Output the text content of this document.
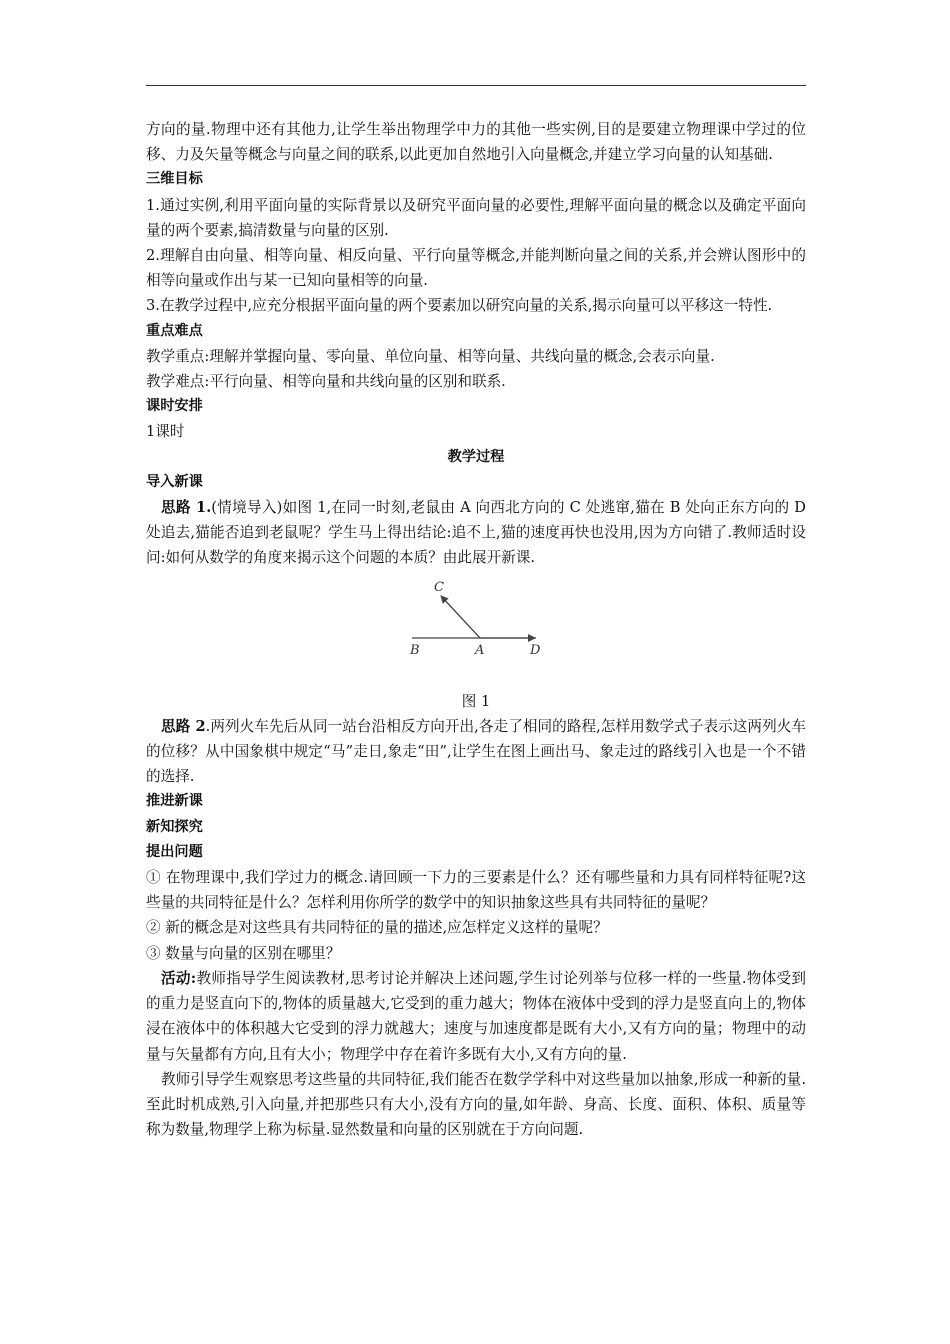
方向的量.物理中还有其他力,让学生举出物理学中力的其他一些实例,目的是要建立物理课中学过的位移、力及矢量等概念与向量之间的联系,以此更加自然地引入向量概念,并建立学习向量的认知基础.

三维目标

1.通过实例,利用平面向量的实际背景以及研究平面向量的必要性,理解平面向量的概念以及确定平面向量的两个要素,搞清数量与向量的区别.

2.理解自由向量、相等向量、相反向量、平行向量等概念,并能判断向量之间的关系,并会辨认图形中的相等向量或作出与某一已知向量相等的向量.

3.在教学过程中,应充分根据平面向量的两个要素加以研究向量的关系,揭示向量可以平移这一特性.

重点难点

教学重点:理解并掌握向量、零向量、单位向量、相等向量、共线向量的概念,会表示向量.

教学难点:平行向量、相等向量和共线向量的区别和联系.

课时安排

1课时

教学过程

导入新课

思路 1.(情境导入)如图 1,在同一时刻,老鼠由 A 向西北方向的 C 处逃窜,猫在 B 处向正东方向的 D 处追去,猫能否追到老鼠呢？学生马上得出结论:追不上,猫的速度再快也没用,因为方向错了.教师适时设问:如何从数学的角度来揭示这个问题的本质？由此展开新课.

C
B	A	D

图 1

思路 2.两列火车先后从同一站台沿相反方向开出,各走了相同的路程,怎样用数学式子表示这两列火车的位移？从中国象棋中规定“马”走日,象走“田”,让学生在图上画出马、象走过的路线引入也是一个不错的选择.

推进新课

新知探究

提出问题

① 在物理课中,我们学过力的概念.请回顾一下力的三要素是什么？还有哪些量和力具有同样特征呢?这些量的共同特征是什么？怎样利用你所学的数学中的知识抽象这些具有共同特征的量呢？

② 新的概念是对这些具有共同特征的量的描述,应怎样定义这样的量呢？

③ 数量与向量的区别在哪里？

活动:教师指导学生阅读教材,思考讨论并解决上述问题,学生讨论列举与位移一样的一些量.物体受到的重力是竖直向下的,物体的质量越大,它受到的重力越大；物体在液体中受到的浮力是竖直向上的,物体浸在液体中的体积越大它受到的浮力就越大；速度与加速度都是既有大小,又有方向的量；物理中的动量与矢量都有方向,且有大小；物理学中存在着许多既有大小,又有方向的量.

教师引导学生观察思考这些量的共同特征,我们能否在数学学科中对这些量加以抽象,形成一种新的量.至此时机成熟,引入向量,并把那些只有大小,没有方向的量,如年龄、身高、长度、面积、体积、质量等称为数量,物理学上称为标量.显然数量和向量的区别就在于方向问题.
